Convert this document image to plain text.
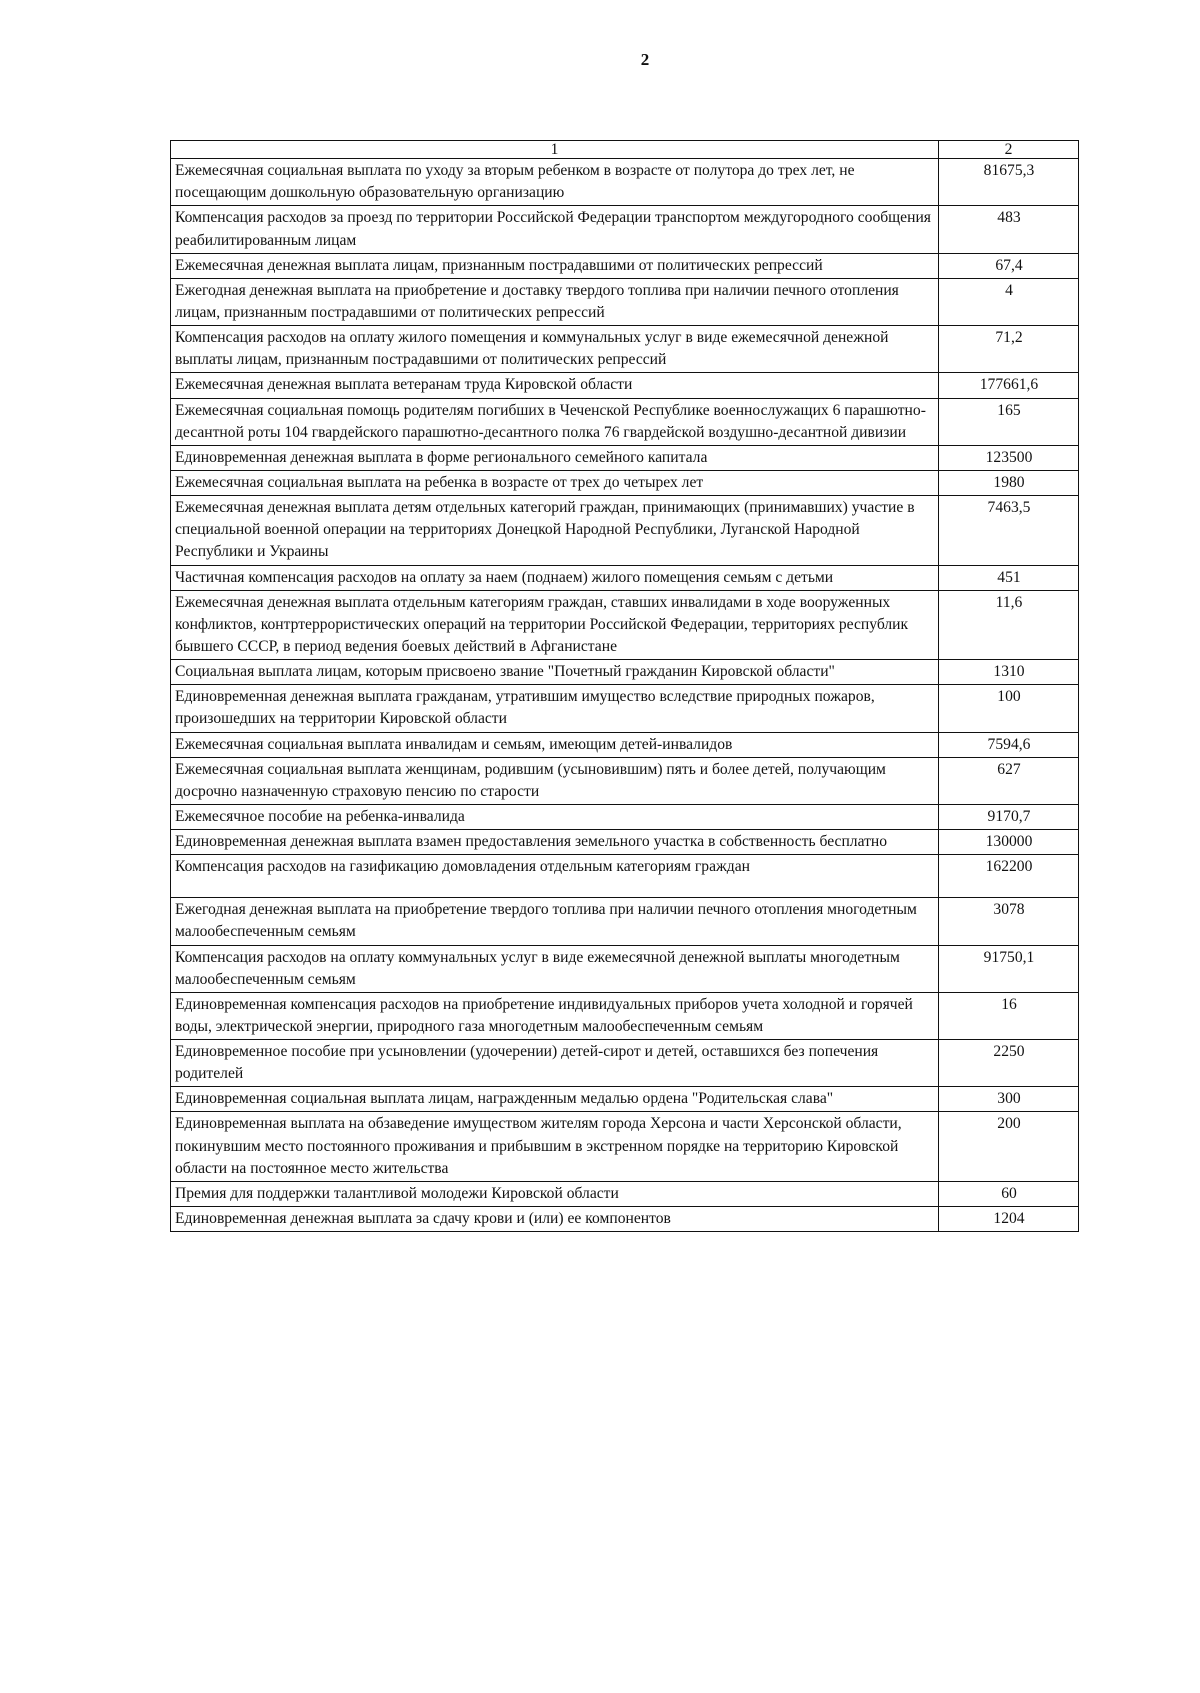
2
1	2
Ежемесячная социальная выплата по уходу за вторым ребенком в возрасте от полутора до трех лет, не посещающим дошкольную образовательную организацию	81675,3
Компенсация расходов за проезд по территории Российской Федерации транспортом междугородного сообщения реабилитированным лицам	483
Ежемесячная денежная выплата лицам, признанным пострадавшими от политических репрессий	67,4
Ежегодная денежная выплата на приобретение и доставку твердого топлива при наличии печного отопления лицам, признанным пострадавшими от политических репрессий	4
Компенсация расходов на оплату жилого помещения и коммунальных услуг в виде ежемесячной денежной выплаты лицам, признанным пострадавшими от политических репрессий	71,2
Ежемесячная денежная выплата ветеранам труда Кировской области	177661,6
Ежемесячная социальная помощь родителям погибших в Чеченской Республике военнослужащих 6 парашютно-десантной роты 104 гвардейского парашютно-десантного полка 76 гвардейской воздушно-десантной дивизии	165
Единовременная денежная выплата в форме регионального семейного капитала	123500
Ежемесячная социальная выплата на ребенка в возрасте от трех до четырех лет	1980
Ежемесячная денежная выплата детям отдельных категорий граждан, принимающих (принимавших) участие в специальной военной операции на территориях Донецкой Народной Республики, Луганской Народной Республики и Украины	7463,5
Частичная компенсация расходов на оплату за наем (поднаем) жилого помещения семьям с детьми	451
Ежемесячная денежная выплата отдельным категориям граждан, ставших инвалидами в ходе вооруженных конфликтов, контртеррористических операций на территории Российской Федерации, территориях республик бывшего СССР, в период ведения боевых действий в Афганистане	11,6
Социальная выплата лицам, которым присвоено звание "Почетный гражданин Кировской области"	1310
Единовременная денежная выплата гражданам, утратившим имущество вследствие природных пожаров, произошедших на территории Кировской области	100
Ежемесячная социальная выплата инвалидам и семьям, имеющим детей-инвалидов	7594,6
Ежемесячная социальная выплата женщинам, родившим (усыновившим) пять и более детей, получающим досрочно назначенную страховую пенсию по старости	627
Ежемесячное пособие на ребенка-инвалида	9170,7
Единовременная денежная выплата взамен предоставления земельного участка в собственность бесплатно	130000
Компенсация расходов на газификацию домовладения отдельным категориям граждан	162200
Ежегодная денежная выплата на приобретение твердого топлива при наличии печного отопления многодетным малообеспеченным семьям	3078
Компенсация расходов на оплату коммунальных услуг в виде ежемесячной денежной выплаты многодетным малообеспеченным семьям	91750,1
Единовременная компенсация расходов на приобретение индивидуальных приборов учета холодной и горячей воды, электрической энергии, природного газа многодетным малообеспеченным семьям	16
Единовременное пособие при усыновлении (удочерении) детей-сирот и детей, оставшихся без попечения родителей	2250
Единовременная социальная выплата лицам, награжденным медалью ордена "Родительская слава"	300
Единовременная выплата на обзаведение имуществом жителям города Херсона и части Херсонской области, покинувшим место постоянного проживания и прибывшим в экстренном порядке на территорию Кировской области на постоянное место жительства	200
Премия для поддержки талантливой молодежи Кировской области	60
Единовременная денежная выплата за сдачу крови и (или) ее компонентов	1204
